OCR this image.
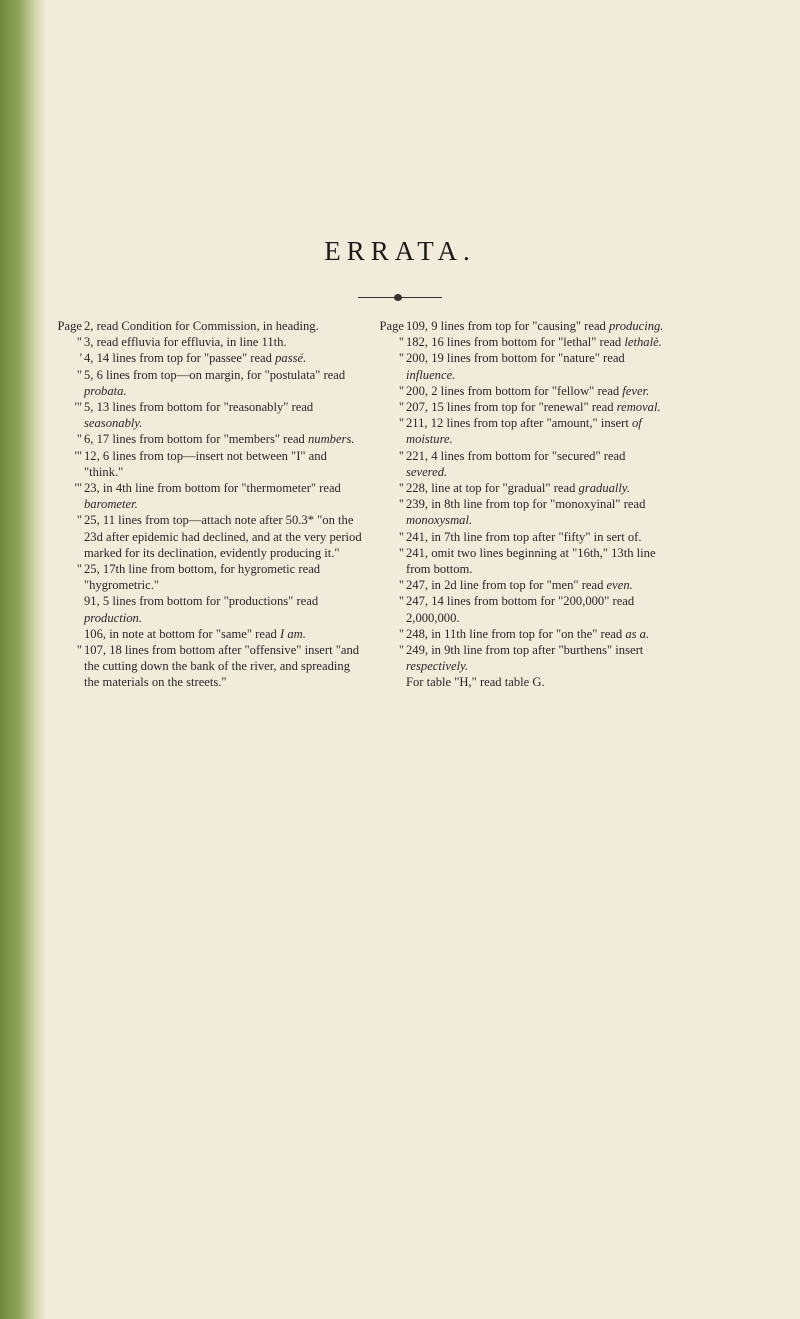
ERRATA.
Page 2, read Condition for Commission, in heading.
" 3, read effluvia for effluvia, in line 11th.
' 4, 14 lines from top for "passee" read passé.
" 5, 6 lines from top—on margin, for "postulata" read probata.
'" 5, 13 lines from bottom for "reasonably" read seasonably.
" 6, 17 lines from bottom for "members" read numbers.
'" 12, 6 lines from top—insert not between "I" and "think."
'" 23, in 4th line from bottom for "thermometer" read barometer.
" 25, 11 lines from top—attach note after 50.3* "on the 23d after epidemic had declined, and at the very period marked for its declination, evidently producing it."
" 25, 17th line from bottom, for hygrometic read "hygrometric."
91, 5 lines from bottom for "productions" read production.
106, in note at bottom for "same" read I am.
" 107, 18 lines from bottom after "offensive" insert "and the cutting down the bank of the river, and spreading the materials on the streets."
Page 109, 9 lines from top for "causing" read producing.
" 182, 16 lines from bottom for "lethal" read lethalè.
" 200, 19 lines from bottom for "nature" read influence.
" 200, 2 lines from bottom for "fellow" read fever.
" 207, 15 lines from top for "renewal" read removal.
" 211, 12 lines from top after "amount," insert of moisture.
" 221, 4 lines from bottom for "secured" read severed.
" 228, line at top for "gradual" read gradually.
" 239, in 8th line from top for "monoxyinal" read monoxysmal.
" 241, in 7th line from top after "fifty" in sert of.
" 241, omit two lines beginning at "16th," 13th line from bottom.
" 247, in 2d line from top for "men" read even.
" 247, 14 lines from bottom for "200,000" read 2,000,000.
" 248, in 11th line from top for "on the" read as a.
" 249, in 9th line from top after "burthens" insert respectively.
For table "H," read table G.
